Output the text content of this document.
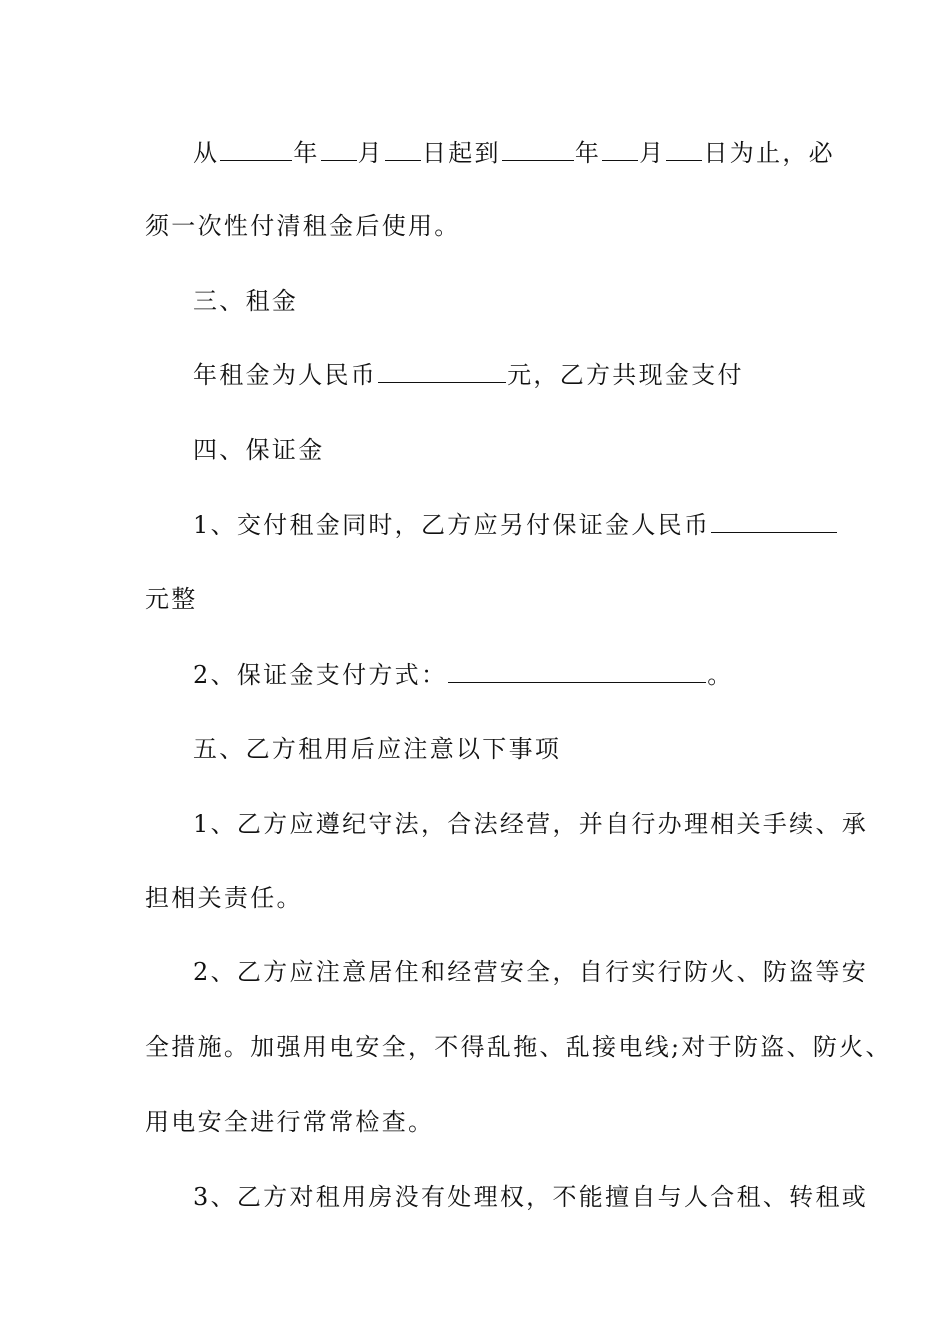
从	年 月 日起到	年 月 日为止，必
须一次性付清租金后使用。
三、租金
年租金为人民币	元，乙方共现金支付
四、保证金
1、交付租金同时，乙方应另付保证金人民币
元整
2、保证金支付方式：	。
五、乙方租用后应注意以下事项
1、乙方应遵纪守法，合法经营，并自行办理相关手续、承
担相关责任。
2、乙方应注意居住和经营安全，自行实行防火、防盗等安
全措施。加强用电安全，不得乱拖、乱接电线;对于防盗、防火、
用电安全进行常常检查。
3、乙方对租用房没有处理权，不能擅自与人合租、转租或
